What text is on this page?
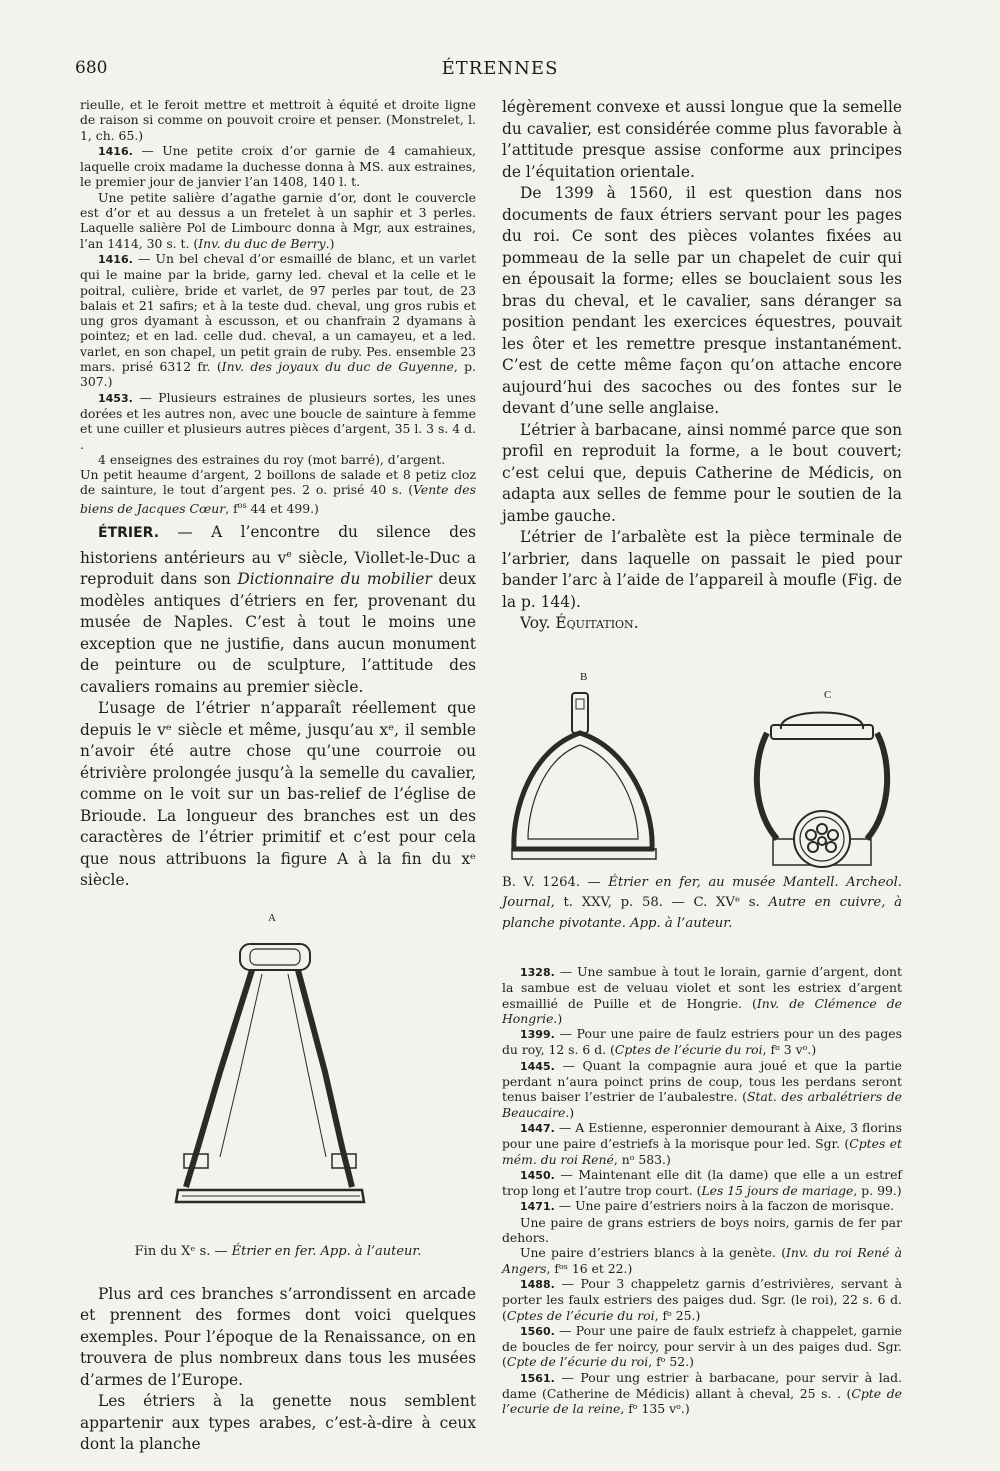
680	ÉTRENNES

rieulle, et le feroit mettre et mettroit à équité et droite ligne de raison si comme on pouvoit croire et penser. (Monstrelet, l. 1, ch. 65.)

1416. — Une petite croix d’or garnie de 4 camahieux, laquelle croix madame la duchesse donna à MS. aux estraines, le premier jour de janvier l’an 1408, 140 l. t.

Une petite salière d’agathe garnie d’or, dont le couvercle est d’or et au dessus a un fretelet à un saphir et 3 perles. Laquelle salière Pol de Limbourc donna à Mgr, aux estraines, l’an 1414, 30 s. t. (Inv. du duc de Berry.)

1416. — Un bel cheval d’or esmaillé de blanc, et un varlet qui le maine par la bride, garny led. cheval et la celle et le poitral, culière, bride et varlet, de 97 perles par tout, de 23 balais et 21 safirs; et à la teste dud. cheval, ung gros rubis et ung gros dyamant à escusson, et ou chanfrain 2 dyamans à pointez; et en lad. celle dud. cheval, a un camayeu, et a led. varlet, en son chapel, un petit grain de ruby. Pes. ensemble 23 mars. prisé 6312 fr. (Inv. des joyaux du duc de Guyenne, p. 307.)

1453. — Plusieurs estraines de plusieurs sortes, les unes dorées et les autres non, avec une boucle de sainture à femme et une cuiller et plusieurs autres pièces d’argent, 35 l. 3 s. 4 d. .

4 enseignes des estraines du roy (mot barré), d’argent.

Un petit heaume d’argent, 2 boillons de salade et 8 petiz cloz de sainture, le tout d’argent pes. 2 o. prisé 40 s. (Vente des biens de Jacques Cœur, $f^{os}$ 44 et 499.)

ÉTRIER. — A l’encontre du silence des historiens antérieurs au $v^e$ siècle, Viollet-le-Duc a reproduit dans son Dictionnaire du mobilier deux modèles antiques d’étriers en fer, provenant du musée de Naples. C’est à tout le moins une exception que ne justifie, dans aucun monument de peinture ou de sculpture, l’attitude des cavaliers romains au premier siècle.

L’usage de l’étrier n’apparaît réellement que depuis le vᵉ siècle et même, jusqu’au xᵉ, il semble n’avoir été autre chose qu’une courroie ou étrivière prolongée jusqu’à la semelle du cavalier, comme on le voit sur un bas-relief de l’église de Brioude. La longueur des branches est un des caractères de l’étrier primitif et c’est pour cela que nous attribuons la figure A à la fin du xᵉ siècle.

A

Fin du Xᵉ s. — Étrier en fer. App. à l’auteur.

Plus ard ces branches s’arrondissent en arcade et prennent des formes dont voici quelques exemples. Pour l’époque de la Renaissance, on en trouvera de plus nombreux dans tous les musées d’armes de l’Europe.

Les étriers à la genette nous semblent appartenir aux types arabes, c’est-à-dire à ceux dont la planche

légèrement convexe et aussi longue que la semelle du cavalier, est considérée comme plus favorable à l’attitude presque assise conforme aux principes de l’équitation orientale.

De 1399 à 1560, il est question dans nos documents de faux étriers servant pour les pages du roi. Ce sont des pièces volantes fixées au pommeau de la selle par un chapelet de cuir qui en épousait la forme; elles se bouclaient sous les bras du cheval, et le cavalier, sans déranger sa position pendant les exercices équestres, pouvait les ôter et les remettre presque instantanément. C’est de cette même façon qu’on attache encore aujourd’hui des sacoches ou des fontes sur le devant d’une selle anglaise.

L’étrier à barbacane, ainsi nommé parce que son profil en reproduit la forme, a le bout couvert; c’est celui que, depuis Catherine de Médicis, on adapta aux selles de femme pour le soutien de la jambe gauche.

L’étrier de l’arbalète est la pièce terminale de l’arbrier, dans laquelle on passait le pied pour bander l’arc à l’aide de l’appareil à moufle (Fig. de la p. 144).

Voy. Équitation.

B
C

B. V. 1264. — Étrier en fer, au musée Mantell. Archeol. Journal, t. XXV, p. 58. — C. XVᵉ s. Autre en cuivre, à planche pivotante. App. à l’auteur.

1328. — Une sambue à tout le lorain, garnie d’argent, dont la sambue est de veluau violet et sont les estriex d’argent esmaillié de Puille et de Hongrie. (Inv. de Clémence de Hongrie.)

1399. — Pour une paire de faulz estriers pour un des pages du roy, 12 s. 6 d. (Cptes de l’écurie du roi, fᵒ 3 vᵒ.)

1445. — Quant la compagnie aura joué et que la partie perdant n’aura poinct prins de coup, tous les perdans seront tenus baiser l’estrier de l’aubalestre. (Stat. des arbalétriers de Beaucaire.)

1447. — A Estienne, esperonnier demourant à Aixe, 3 florins pour une paire d’estriefs à la morisque pour led. Sgr. (Cptes et mém. du roi René, nᵒ 583.)

1450. — Maintenant elle dit (la dame) que elle a un estref trop long et l’autre trop court. (Les 15 jours de mariage, p. 99.)

1471. — Une paire d’estriers noirs à la faczon de morisque.

Une paire de grans estriers de boys noirs, garnis de fer par dehors.

Une paire d’estriers blancs à la genète. (Inv. du roi René à Angers, fᵒˢ 16 et 22.)

1488. — Pour 3 chappeletz garnis d’estrivières, servant à porter les faulx estriers des paiges dud. Sgr. (le roi), 22 s. 6 d. (Cptes de l’écurie du roi, fᵒ 25.)

1560. — Pour une paire de faulx estriefz à chappelet, garnie de boucles de fer noircy, pour servir à un des paiges dud. Sgr. (Cpte de l’écurie du roi, fᵒ 52.)

1561. — Pour ung estrier à barbacane, pour servir à lad. dame (Catherine de Médicis) allant à cheval, 25 s. . (Cpte de l’ecurie de la reine, fᵒ 135 vᵒ.)
